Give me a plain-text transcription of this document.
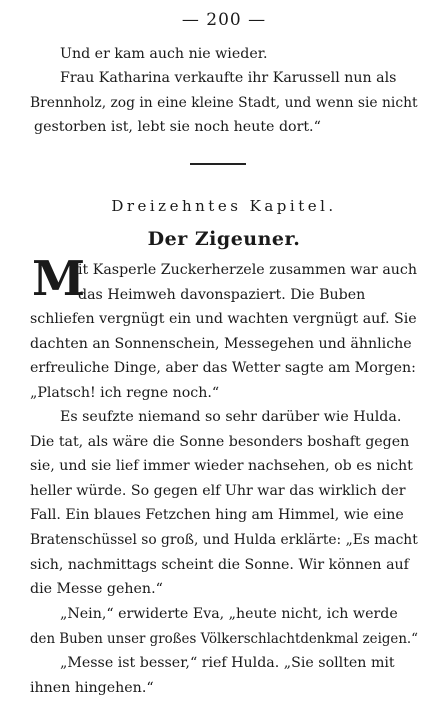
— 200 —
Und er kam auch nie wieder.
Frau Katharina verkaufte ihr Karussell nun als
Brennholz, zog in eine kleine Stadt, und wenn sie nicht
gestorben ist, lebt sie noch heute dort.“
Dreizehntes Kapitel.
Der Zigeuner.
M
it Kasperle Zuckerherzele zusammen war auch
das Heimweh davonspaziert. Die Buben
schliefen vergnügt ein und wachten vergnügt auf. Sie
dachten an Sonnenschein, Messegehen und ähnliche
erfreuliche Dinge, aber das Wetter sagte am Morgen:
„Platsch! ich regne noch.“
Es seufzte niemand so sehr darüber wie Hulda.
Die tat, als wäre die Sonne besonders boshaft gegen
sie, und sie lief immer wieder nachsehen, ob es nicht
heller würde. So gegen elf Uhr war das wirklich der
Fall. Ein blaues Fetzchen hing am Himmel, wie eine
Bratenschüssel so groß, und Hulda erklärte: „Es macht
sich, nachmittags scheint die Sonne. Wir können auf
die Messe gehen.“
„Nein,“ erwiderte Eva, „heute nicht, ich werde
den Buben unser großes Völkerschlachtdenkmal zeigen.“
„Messe ist besser,“ rief Hulda. „Sie sollten mit
ihnen hingehen.“
